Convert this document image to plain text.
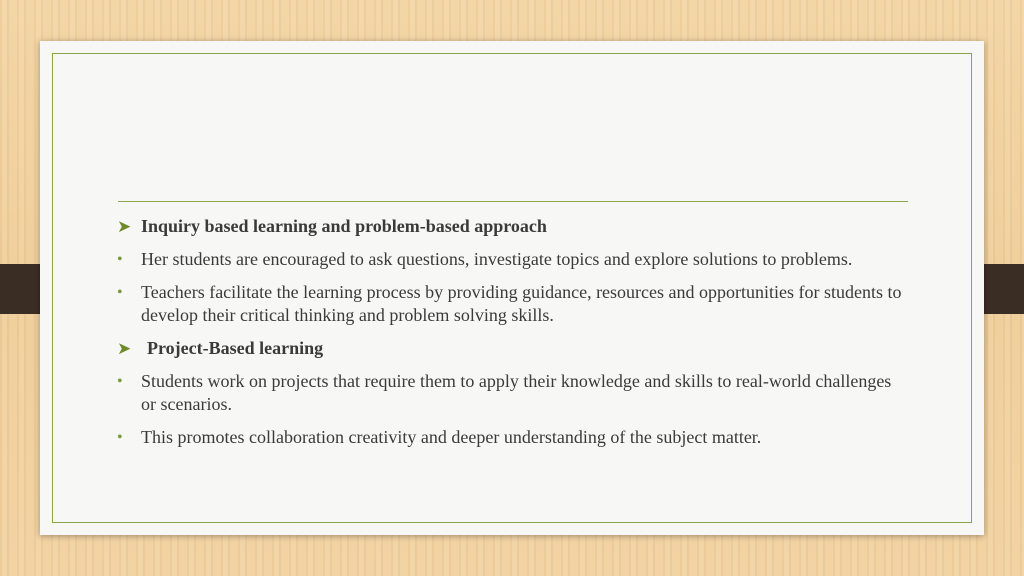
➤ Inquiry based learning and problem-based approach
• Her students are encouraged to ask questions, investigate topics and explore solutions to problems.
• Teachers facilitate the learning process by providing guidance, resources and opportunities for students to develop their critical thinking and problem solving skills.
➤ Project-Based learning
• Students work on projects that require them to apply their knowledge and skills to real-world challenges or scenarios.
• This promotes collaboration creativity and deeper understanding of the subject matter.
